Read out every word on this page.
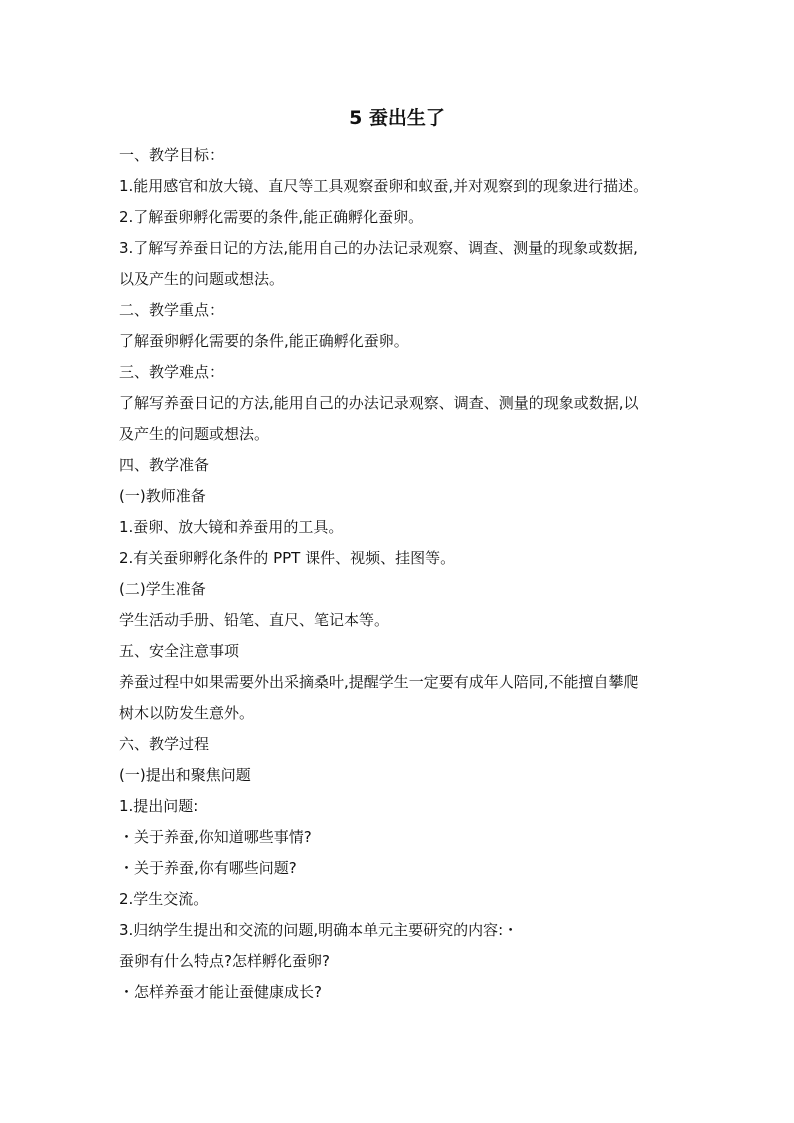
5 蚕出生了
一、教学目标：
1.能用感官和放大镜、直尺等工具观察蚕卵和蚁蚕,并对观察到的现象进行描述。
2.了解蚕卵孵化需要的条件,能正确孵化蚕卵。
3.了解写养蚕日记的方法,能用自己的办法记录观察、调查、测量的现象或数据,
以及产生的问题或想法。
二、教学重点：
了解蚕卵孵化需要的条件,能正确孵化蚕卵。
三、教学难点：
了解写养蚕日记的方法,能用自己的办法记录观察、调查、测量的现象或数据,以
及产生的问题或想法。
四、教学准备
(一)教师准备
1.蚕卵、放大镜和养蚕用的工具。
2.有关蚕卵孵化条件的 PPT 课件、视频、挂图等。
(二)学生准备
学生活动手册、铅笔、直尺、笔记本等。
五、安全注意事项
养蚕过程中如果需要外出采摘桑叶,提醒学生一定要有成年人陪同,不能擅自攀爬
树木以防发生意外。
六、教学过程
(一)提出和聚焦问题
1.提出问题:
・关于养蚕,你知道哪些事情?
・关于养蚕,你有哪些问题?
2.学生交流。
3.归纳学生提出和交流的问题,明确本单元主要研究的内容:・
蚕卵有什么特点?怎样孵化蚕卵?
・怎样养蚕才能让蚕健康成长?
